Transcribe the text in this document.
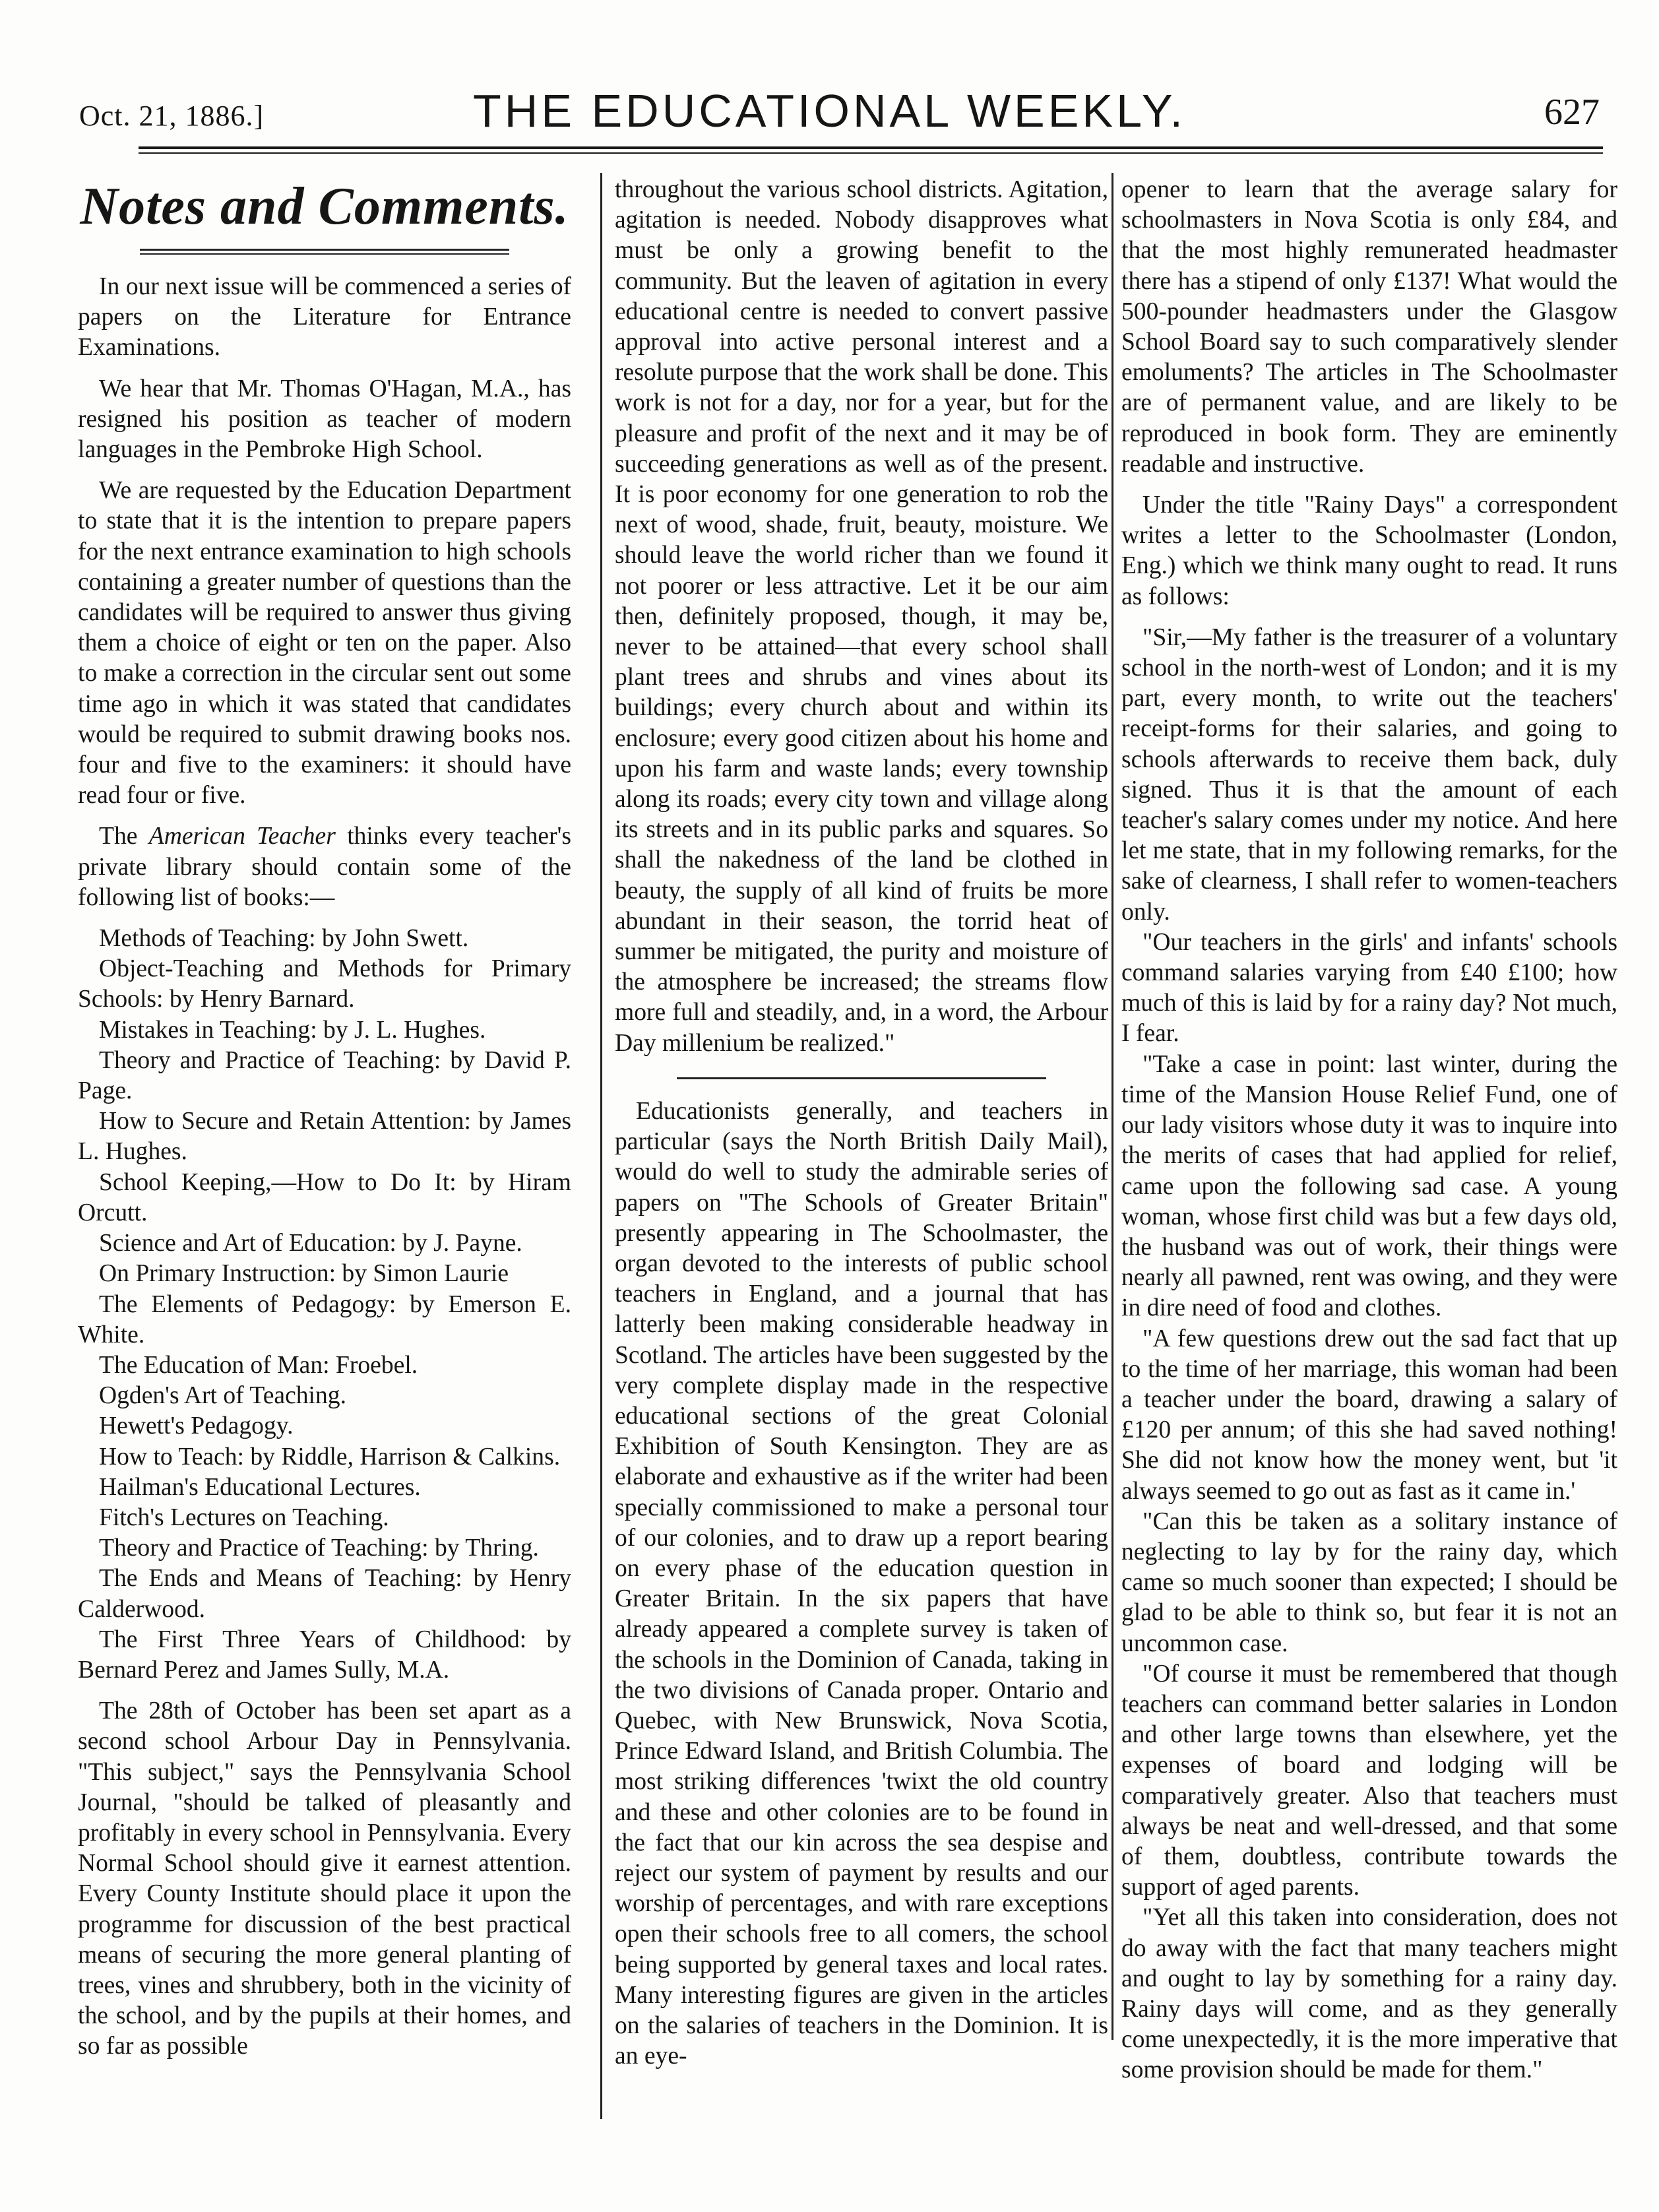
Oct. 21, 1886.]	THE EDUCATIONAL WEEKLY.	627
Notes and Comments.

In our next issue will be commenced a series of papers on the Literature for Entrance Examinations.

We hear that Mr. Thomas O'Hagan, M.A., has resigned his position as teacher of modern languages in the Pembroke High School.

We are requested by the Education Department to state that it is the intention to prepare papers for the next entrance examination to high schools containing a greater number of questions than the candidates will be required to answer thus giving them a choice of eight or ten on the paper. Also to make a correction in the circular sent out some time ago in which it was stated that candidates would be required to submit drawing books nos. four and five to the examiners: it should have read four or five.

The American Teacher thinks every teacher's private library should contain some of the following list of books:—

Methods of Teaching: by John Swett.
Object-Teaching and Methods for Primary Schools: by Henry Barnard.
Mistakes in Teaching: by J. L. Hughes.
Theory and Practice of Teaching: by David P. Page.
How to Secure and Retain Attention: by James L. Hughes.
School Keeping,—How to Do It: by Hiram Orcutt.
Science and Art of Education: by J. Payne.
On Primary Instruction: by Simon Laurie
The Elements of Pedagogy: by Emerson E. White.
The Education of Man: Froebel.
Ogden's Art of Teaching.
Hewett's Pedagogy.
How to Teach: by Riddle, Harrison & Calkins.
Hailman's Educational Lectures.
Fitch's Lectures on Teaching.
Theory and Practice of Teaching: by Thring.
The Ends and Means of Teaching: by Henry Calderwood.
The First Three Years of Childhood: by Bernard Perez and James Sully, M.A.

The 28th of October has been set apart as a second school Arbour Day in Pennsylvania. "This subject," says the Pennsylvania School Journal, "should be talked of pleasantly and profitably in every school in Pennsylvania. Every Normal School should give it earnest attention. Every County Institute should place it upon the programme for discussion of the best practical means of securing the more general planting of trees, vines and shrubbery, both in the vicinity of the school, and by the pupils at their homes, and so far as possible

throughout the various school districts. Agitation, agitation is needed. Nobody disapproves what must be only a growing benefit to the community. But the leaven of agitation in every educational centre is needed to convert passive approval into active personal interest and a resolute purpose that the work shall be done. This work is not for a day, nor for a year, but for the pleasure and profit of the next and it may be of succeeding generations as well as of the present. It is poor economy for one generation to rob the next of wood, shade, fruit, beauty, moisture. We should leave the world richer than we found it not poorer or less attractive. Let it be our aim then, definitely proposed, though, it may be, never to be attained—that every school shall plant trees and shrubs and vines about its buildings; every church about and within its enclosure; every good citizen about his home and upon his farm and waste lands; every township along its roads; every city town and village along its streets and in its public parks and squares. So shall the nakedness of the land be clothed in beauty, the supply of all kind of fruits be more abundant in their season, the torrid heat of summer be mitigated, the purity and moisture of the atmosphere be increased; the streams flow more full and steadily, and, in a word, the Arbour Day millenium be realized."

Educationists generally, and teachers in particular (says the North British Daily Mail), would do well to study the admirable series of papers on "The Schools of Greater Britain" presently appearing in The Schoolmaster, the organ devoted to the interests of public school teachers in England, and a journal that has latterly been making considerable headway in Scotland. The articles have been suggested by the very complete display made in the respective educational sections of the great Colonial Exhibition of South Kensington. They are as elaborate and exhaustive as if the writer had been specially commissioned to make a personal tour of our colonies, and to draw up a report bearing on every phase of the education question in Greater Britain. In the six papers that have already appeared a complete survey is taken of the schools in the Dominion of Canada, taking in the two divisions of Canada proper. Ontario and Quebec, with New Brunswick, Nova Scotia, Prince Edward Island, and British Columbia. The most striking differences 'twixt the old country and these and other colonies are to be found in the fact that our kin across the sea despise and reject our system of payment by results and our worship of percentages, and with rare exceptions open their schools free to all comers, the school being supported by general taxes and local rates. Many interesting figures are given in the articles on the salaries of teachers in the Dominion. It is an eye-

opener to learn that the average salary for schoolmasters in Nova Scotia is only £84, and that the most highly remunerated headmaster there has a stipend of only £137! What would the 500-pounder headmasters under the Glasgow School Board say to such comparatively slender emoluments? The articles in The Schoolmaster are of permanent value, and are likely to be reproduced in book form. They are eminently readable and instructive.

Under the title "Rainy Days" a correspondent writes a letter to the Schoolmaster (London, Eng.) which we think many ought to read. It runs as follows:

"Sir,—My father is the treasurer of a voluntary school in the north-west of London; and it is my part, every month, to write out the teachers' receipt-forms for their salaries, and going to schools afterwards to receive them back, duly signed. Thus it is that the amount of each teacher's salary comes under my notice. And here let me state, that in my following remarks, for the sake of clearness, I shall refer to women-teachers only.

"Our teachers in the girls' and infants' schools command salaries varying from £40 £100; how much of this is laid by for a rainy day? Not much, I fear.

"Take a case in point: last winter, during the time of the Mansion House Relief Fund, one of our lady visitors whose duty it was to inquire into the merits of cases that had applied for relief, came upon the following sad case. A young woman, whose first child was but a few days old, the husband was out of work, their things were nearly all pawned, rent was owing, and they were in dire need of food and clothes.

"A few questions drew out the sad fact that up to the time of her marriage, this woman had been a teacher under the board, drawing a salary of £120 per annum; of this she had saved nothing! She did not know how the money went, but 'it always seemed to go out as fast as it came in.'

"Can this be taken as a solitary instance of neglecting to lay by for the rainy day, which came so much sooner than expected; I should be glad to be able to think so, but fear it is not an uncommon case.

"Of course it must be remembered that though teachers can command better salaries in London and other large towns than elsewhere, yet the expenses of board and lodging will be comparatively greater. Also that teachers must always be neat and well-dressed, and that some of them, doubtless, contribute towards the support of aged parents.

"Yet all this taken into consideration, does not do away with the fact that many teachers might and ought to lay by something for a rainy day. Rainy days will come, and as they generally come unexpectedly, it is the more imperative that some provision should be made for them."
